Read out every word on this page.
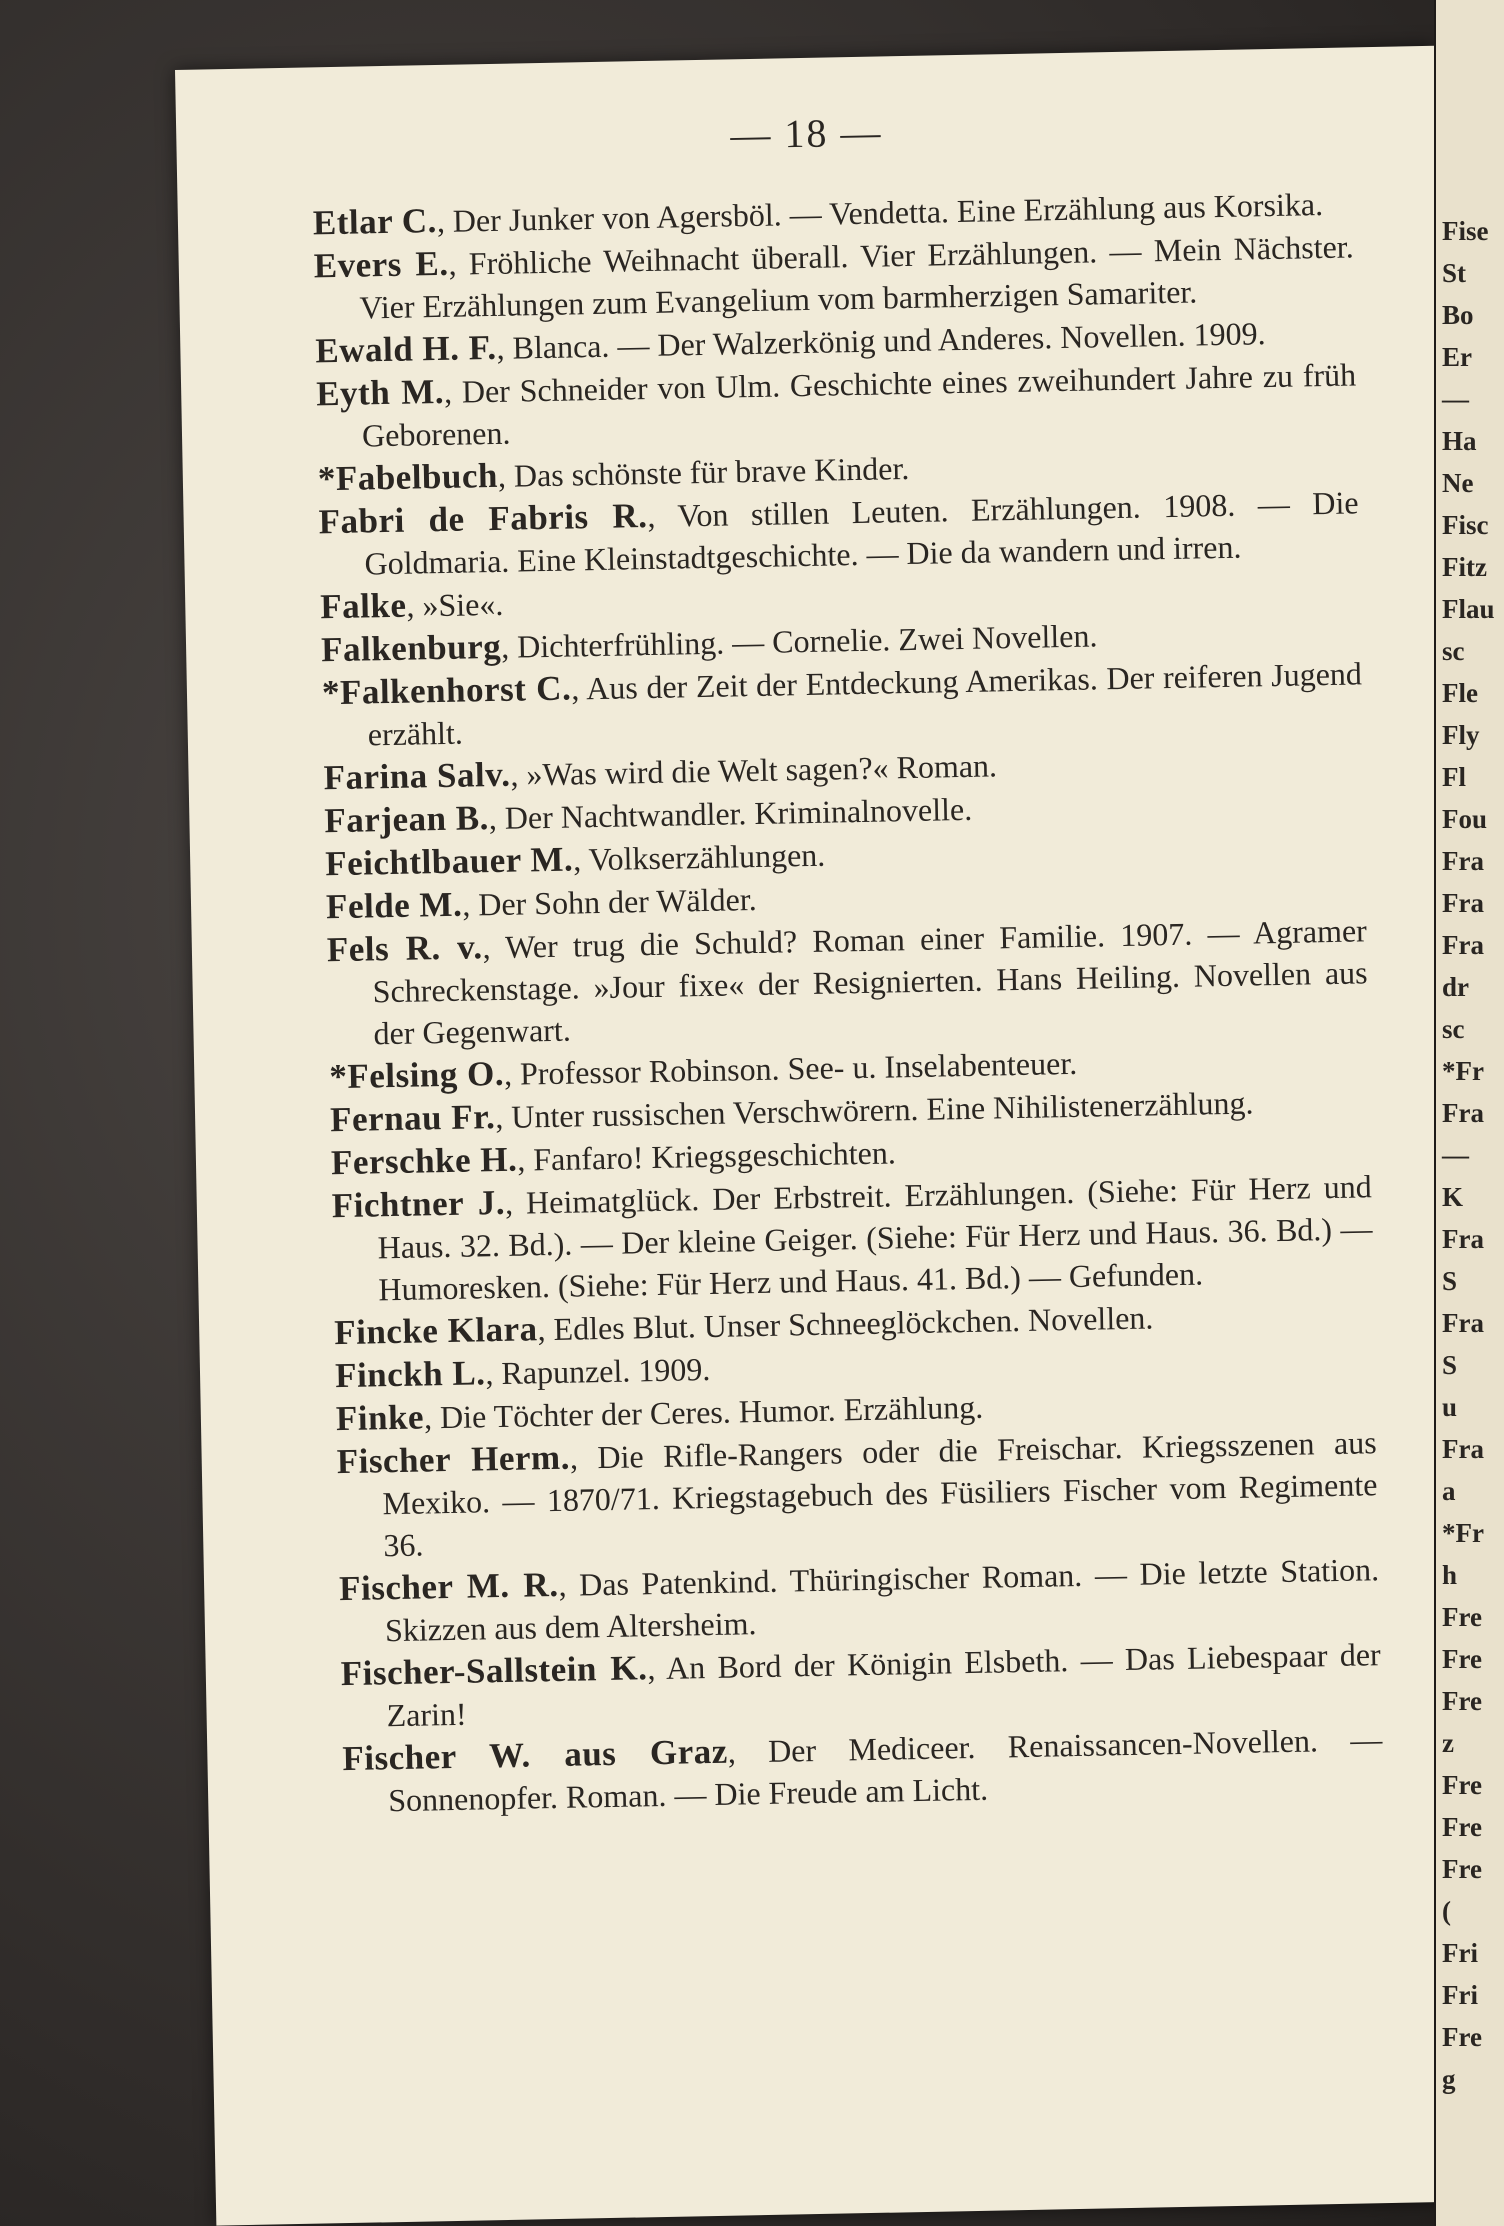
— 18 —

Etlar C., Der Junker von Agersböl. — Vendetta. Eine Erzählung aus Korsika.

Evers E., Fröhliche Weihnacht überall. Vier Erzählungen. — Mein Nächster. Vier Erzählungen zum Evangelium vom barmherzigen Samariter.

Ewald H. F., Blanca. — Der Walzerkönig und Anderes. Novellen. 1909.

Eyth M., Der Schneider von Ulm. Geschichte eines zweihundert Jahre zu früh Geborenen.

*Fabelbuch, Das schönste für brave Kinder.

Fabri de Fabris R., Von stillen Leuten. Erzählungen. 1908. — Die Goldmaria. Eine Kleinstadtgeschichte. — Die da wandern und irren.

Falke, »Sie«.

Falkenburg, Dichterfrühling. — Cornelie. Zwei Novellen.

*Falkenhorst C., Aus der Zeit der Entdeckung Amerikas. Der reiferen Jugend erzählt.

Farina Salv., »Was wird die Welt sagen?« Roman.

Farjean B., Der Nachtwandler. Kriminalnovelle.

Feichtlbauer M., Volkserzählungen.

Felde M., Der Sohn der Wälder.

Fels R. v., Wer trug die Schuld? Roman einer Familie. 1907. — Agramer Schreckenstage. »Jour fixe« der Resignierten. Hans Heiling. Novellen aus der Gegenwart.

*Felsing O., Professor Robinson. See- u. Inselabenteuer.

Fernau Fr., Unter russischen Verschwörern. Eine Nihilistenerzählung.

Ferschke H., Fanfaro! Kriegsgeschichten.

Fichtner J., Heimatglück. Der Erbstreit. Erzählungen. (Siehe: Für Herz und Haus. 32. Bd.). — Der kleine Geiger. (Siehe: Für Herz und Haus. 36. Bd.) — Humoresken. (Siehe: Für Herz und Haus. 41. Bd.) — Gefunden.

Fincke Klara, Edles Blut. Unser Schneeglöckchen. Novellen.

Finckh L., Rapunzel. 1909.

Finke, Die Töchter der Ceres. Humor. Erzählung.

Fischer Herm., Die Rifle-Rangers oder die Freischar. Kriegsszenen aus Mexiko. — 1870/71. Kriegstagebuch des Füsiliers Fischer vom Regimente 36.

Fischer M. R., Das Patenkind. Thüringischer Roman. — Die letzte Station. Skizzen aus dem Altersheim.

Fischer-Sallstein K., An Bord der Königin Elsbeth. — Das Liebespaar der Zarin!

Fischer W. aus Graz, Der Mediceer. Renaissancen-Novellen. — Sonnenopfer. Roman. — Die Freude am Licht.

Fise
St
Bo
Er
—
Ha
Ne
Fisc
Fitz
Flau
sc
Fle
Fly
Fl
Fou
Fra
Fra
Fra
dr
sc
*Fr
Fra
—
K
Fra
S
Fra
S
u
Fra
a
*Fr
h
Fre
Fre
Fre
z
Fre
Fre
Fre
(
Fri
Fri
Fre
g
